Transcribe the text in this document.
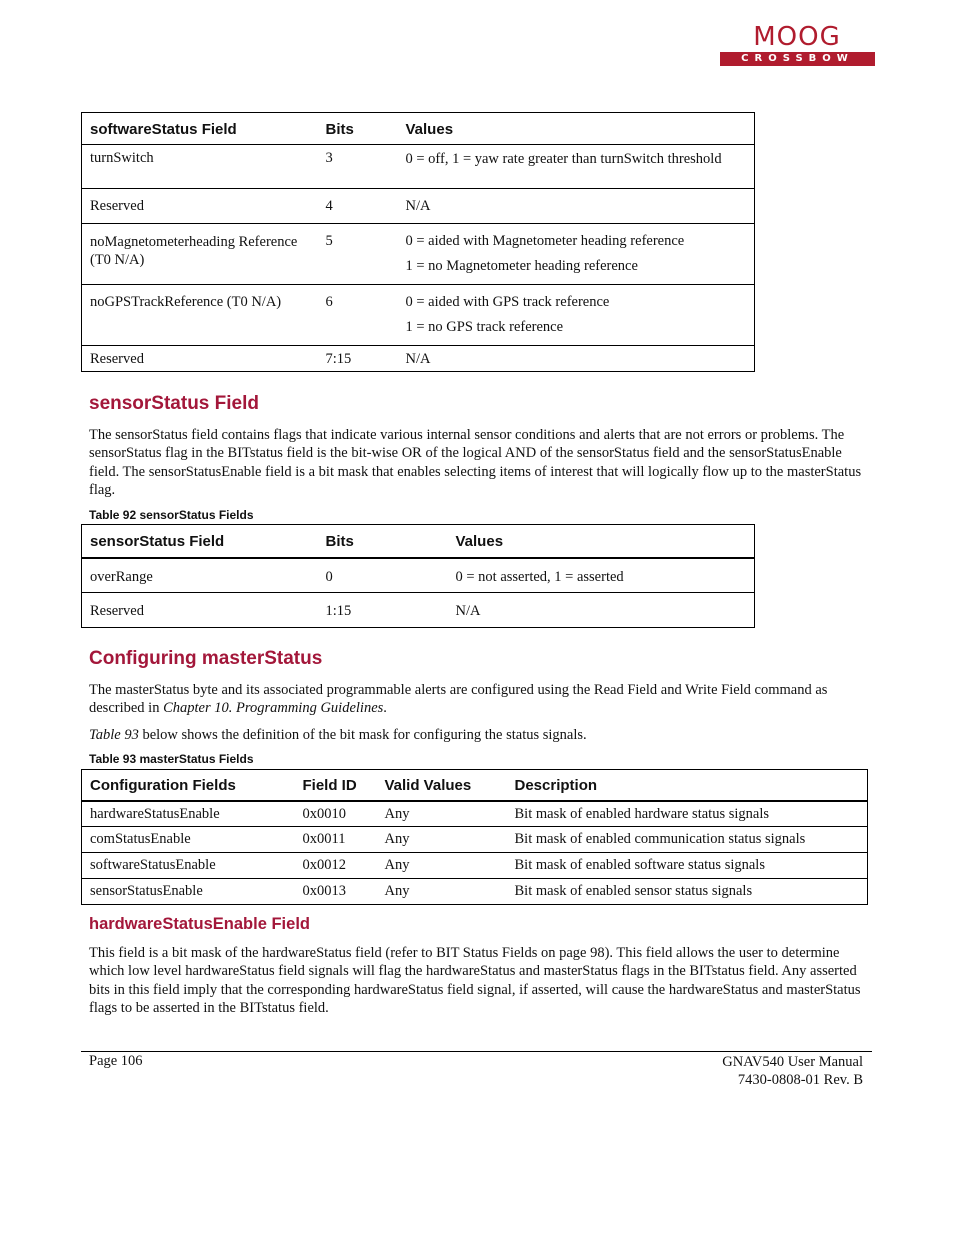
MOOG
CROSSBOW
softwareStatus Field	Bits	Values
turnSwitch	3	0 = off, 1 = yaw rate greater than turnSwitch threshold
Reserved	4	N/A
noMagnetometerheading Reference (T0 N/A)	5	0 = aided with Magnetometer heading reference
1 = no Magnetometer heading reference

noGPSTrackReference (T0 N/A)	6	0 = aided with GPS track reference
1 = no GPS track reference

Reserved	7:15	N/A
sensorStatus Field
The sensorStatus field contains flags that indicate various internal sensor conditions and alerts that are not errors or problems. The sensorStatus flag in the BITstatus field is the bit-wise OR of the logical AND of the sensorStatus field and the sensorStatusEnable field. The sensorStatusEnable field is a bit mask that enables selecting items of interest that will logically flow up to the masterStatus flag.
Table 92 sensorStatus Fields
sensorStatus Field	Bits	Values
overRange	0	0 = not asserted, 1 = asserted
Reserved	1:15	N/A
Configuring masterStatus
The masterStatus byte and its associated programmable alerts are configured using the Read Field and Write Field command as described in Chapter 10. Programming Guidelines.
Table 93 below shows the definition of the bit mask for configuring the status signals.
Table 93 masterStatus Fields
Configuration Fields	Field ID	Valid Values	Description
hardwareStatusEnable	0x0010	Any	Bit mask of enabled hardware status signals
comStatusEnable	0x0011	Any	Bit mask of enabled communication status signals
softwareStatusEnable	0x0012	Any	Bit mask of enabled software status signals
sensorStatusEnable	0x0013	Any	Bit mask of enabled sensor status signals
hardwareStatusEnable Field
This field is a bit mask of the hardwareStatus field (refer to BIT Status Fields on page 98). This field allows the user to determine which low level hardwareStatus field signals will flag the hardwareStatus and masterStatus flags in the BITstatus field. Any asserted bits in this field imply that the corresponding hardwareStatus field signal, if asserted, will cause the hardwareStatus and masterStatus flags to be asserted in the BITstatus field.
Page 106	GNAV540 User Manual
7430-0808-01 Rev. B
